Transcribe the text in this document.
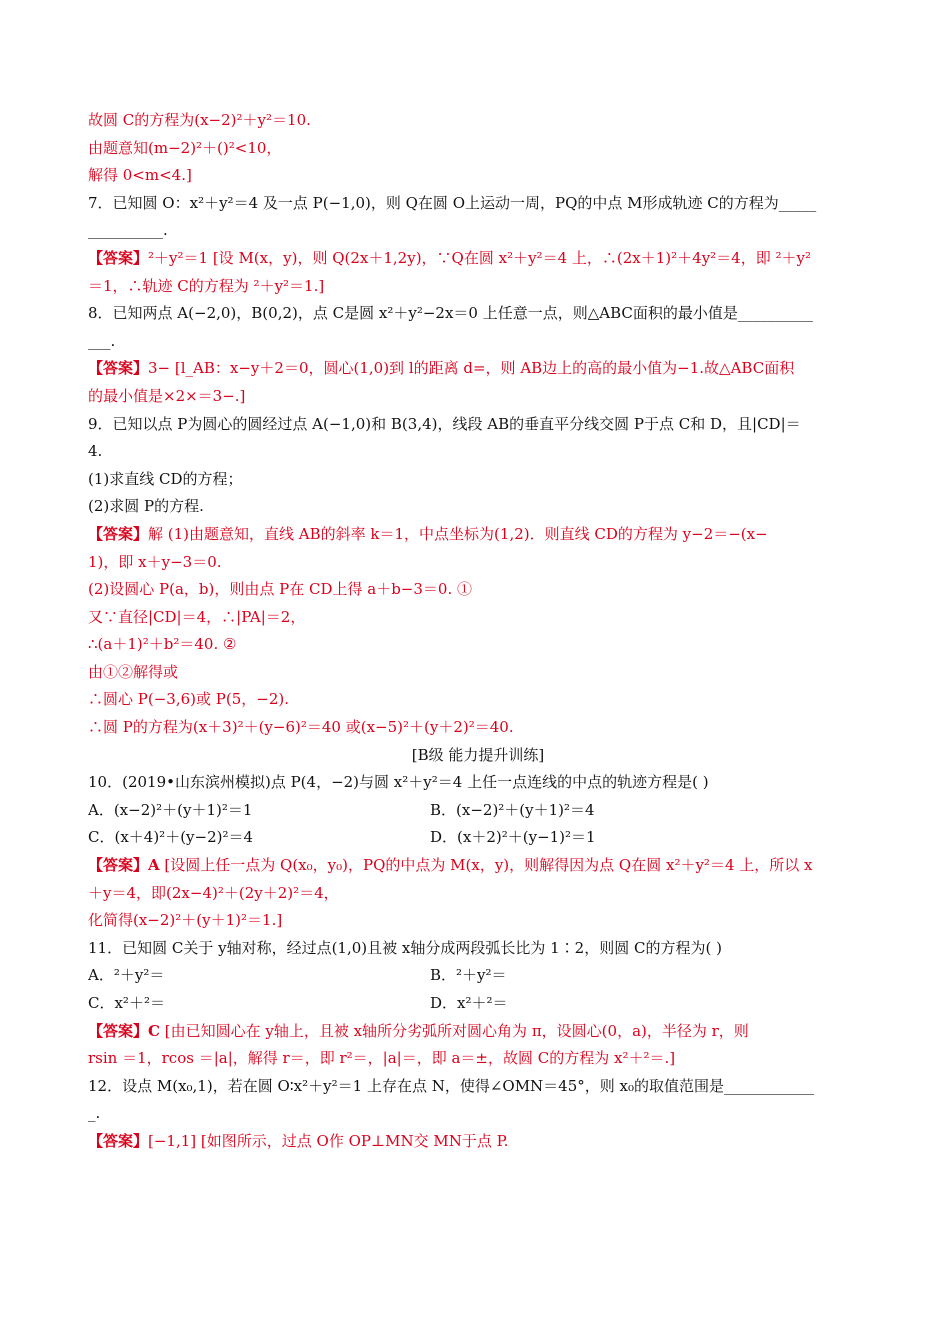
故圆 C的方程为(x−2)²＋y²＝10.
由题意知(m−2)²＋()²<10，
解得 0<m<4.]
7．已知圆 O：x²＋y²＝4 及一点 P(−1,0)，则 Q在圆 O上运动一周，PQ的中点 M形成轨迹 C的方程为_____
__________.
【答案】²＋y²＝1 [设 M(x，y)，则 Q(2x＋1,2y)，∵Q在圆 x²＋y²＝4 上，∴(2x＋1)²＋4y²＝4，即 ²＋y²
＝1，∴轨迹 C的方程为 ²＋y²＝1.]
8．已知两点 A(−2,0)，B(0,2)，点 C是圆 x²＋y²−2x＝0 上任意一点，则△ABC面积的最小值是__________
___.
【答案】3− [l_AB：x−y＋2＝0，圆心(1,0)到 l的距离 d=，则 AB边上的高的最小值为−1.故△ABC面积
的最小值是×2×＝3−.]
9．已知以点 P为圆心的圆经过点 A(−1,0)和 B(3,4)，线段 AB的垂直平分线交圆 P于点 C和 D，且|CD|＝
4.
(1)求直线 CD的方程；
(2)求圆 P的方程.
【答案】解 (1)由题意知，直线 AB的斜率 k＝1，中点坐标为(1,2)．则直线 CD的方程为 y−2＝−(x−
1)，即 x＋y−3＝0.
(2)设圆心 P(a，b)，则由点 P在 CD上得 a＋b−3＝0. ①
又∵直径|CD|＝4，∴|PA|＝2，
∴(a＋1)²＋b²＝40. ②
由①②解得或
∴圆心 P(−3,6)或 P(5，−2).
∴圆 P的方程为(x＋3)²＋(y−6)²＝40 或(x−5)²＋(y＋2)²＝40.
[B级 能力提升训练]
10．(2019•山东滨州模拟)点 P(4，−2)与圆 x²＋y²＝4 上任一点连线的中点的轨迹方程是( )
A．(x−2)²＋(y＋1)²＝1	B．(x−2)²＋(y＋1)²＝4
C．(x＋4)²＋(y−2)²＝4	D．(x＋2)²＋(y−1)²＝1
【答案】A [设圆上任一点为 Q(x₀，y₀)，PQ的中点为 M(x，y)，则解得因为点 Q在圆 x²＋y²＝4 上，所以 x
＋y＝4，即(2x−4)²＋(2y＋2)²＝4，
化简得(x−2)²＋(y＋1)²＝1.]
11．已知圆 C关于 y轴对称，经过点(1,0)且被 x轴分成两段弧长比为 1∶2，则圆 C的方程为( )
A．²＋y²＝	B．²＋y²＝
C．x²＋²＝	D．x²＋²＝
【答案】C [由已知圆心在 y轴上，且被 x轴所分劣弧所对圆心角为 π，设圆心(0，a)，半径为 r，则
rsin ＝1，rcos ＝|a|，解得 r＝，即 r²＝，|a|＝，即 a＝±，故圆 C的方程为 x²＋²＝.]
12．设点 M(x₀,1)，若在圆 O∶x²＋y²＝1 上存在点 N，使得∠OMN＝45°，则 x₀的取值范围是____________
_.
【答案】[−1,1] [如图所示，过点 O作 OP⊥MN交 MN于点 P.
